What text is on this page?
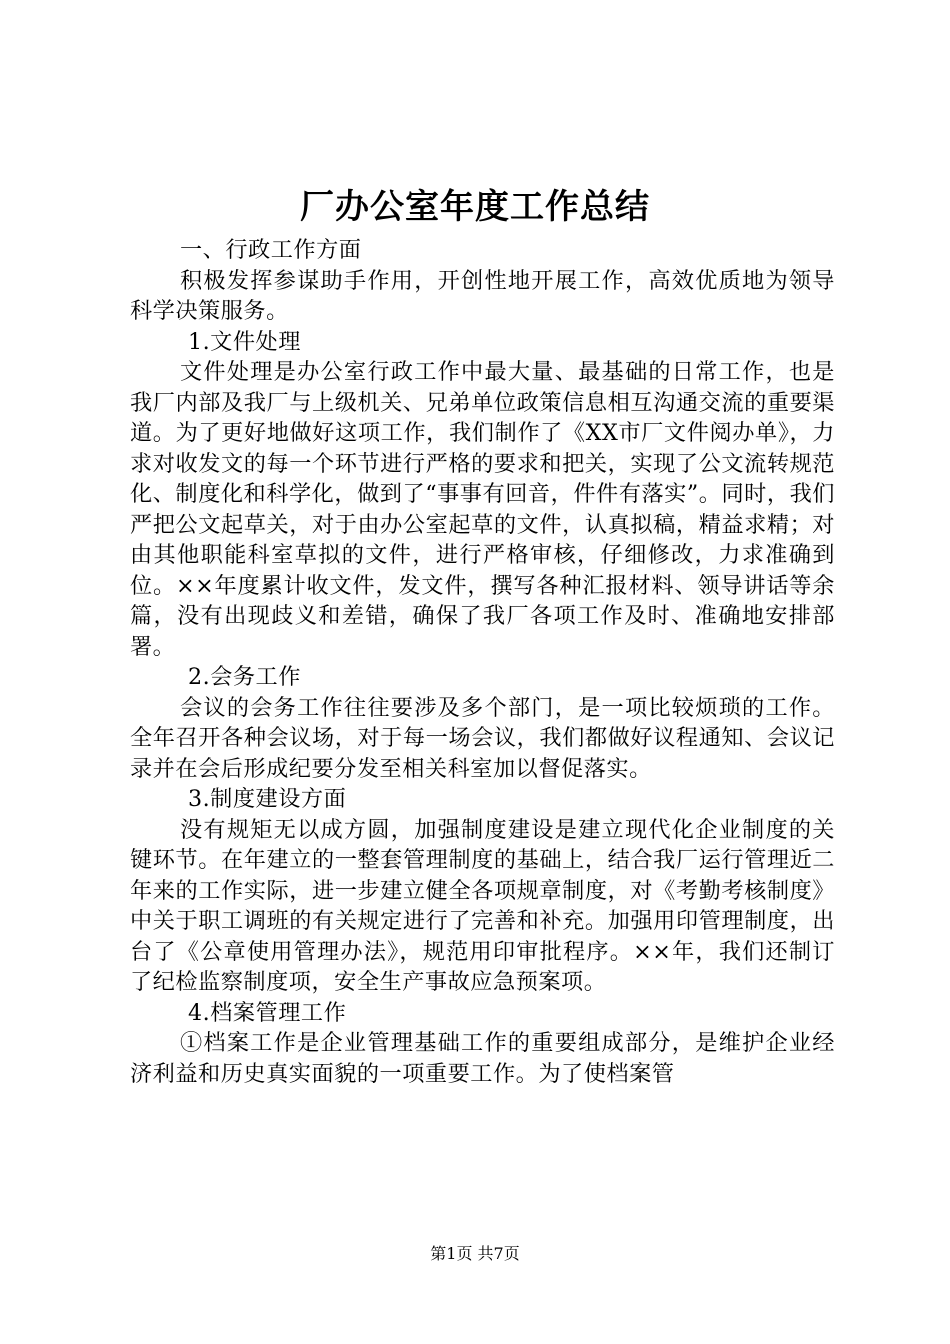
厂办公室年度工作总结

一、行政工作方面

积极发挥参谋助手作用，开创性地开展工作，高效优质地为领导科学决策服务。

1.文件处理

文件处理是办公室行政工作中最大量、最基础的日常工作，也是我厂内部及我厂与上级机关、兄弟单位政策信息相互沟通交流的重要渠道。为了更好地做好这项工作，我们制作了《XX市厂文件阅办单》，力求对收发文的每一个环节进行严格的要求和把关，实现了公文流转规范化、制度化和科学化，做到了“事事有回音，件件有落实”。同时，我们严把公文起草关，对于由办公室起草的文件，认真拟稿，精益求精；对由其他职能科室草拟的文件，进行严格审核，仔细修改，力求准确到位。××年度累计收文件，发文件，撰写各种汇报材料、领导讲话等余篇，没有出现歧义和差错，确保了我厂各项工作及时、准确地安排部署。

2.会务工作

会议的会务工作往往要涉及多个部门，是一项比较烦琐的工作。全年召开各种会议场，对于每一场会议，我们都做好议程通知、会议记录并在会后形成纪要分发至相关科室加以督促落实。

3.制度建设方面

没有规矩无以成方圆，加强制度建设是建立现代化企业制度的关键环节。在年建立的一整套管理制度的基础上，结合我厂运行管理近二年来的工作实际，进一步建立健全各项规章制度，对《考勤考核制度》中关于职工调班的有关规定进行了完善和补充。加强用印管理制度，出台了《公章使用管理办法》，规范用印审批程序。××年，我们还制订了纪检监察制度项，安全生产事故应急预案项。

4.档案管理工作

①档案工作是企业管理基础工作的重要组成部分，是维护企业经济利益和历史真实面貌的一项重要工作。为了使档案管

第1页 共7页
